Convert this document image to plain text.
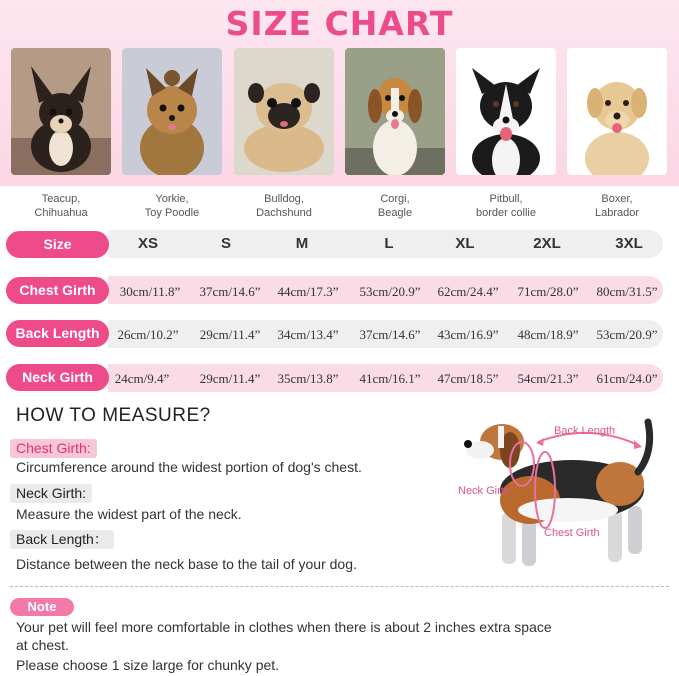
SIZE CHART
Teacup,
Chihuahua
Yorkie,
Toy Poodle
Bulldog,
Dachshund
Corgi,
Beagle
Pitbull,
border collie
Boxer,
Labrador
Size	XS	S	M	L	XL	2XL	3XL
Chest Girth	30cm/11.8”	37cm/14.6”	44cm/17.3”	53cm/20.9”	62cm/24.4”	71cm/28.0”	80cm/31.5”
Back Length	26cm/10.2”	29cm/11.4”	34cm/13.4”	37cm/14.6”	43cm/16.9”	48cm/18.9”	53cm/20.9”
Neck Girth	24cm/9.4”	29cm/11.4”	35cm/13.8”	41cm/16.1”	47cm/18.5”	54cm/21.3”	61cm/24.0”
HOW TO MEASURE?
Chest Girth:
Circumference around the widest portion of dog's chest.
Neck Girth:
Measure the widest part of the neck.
Back Length：
Distance between the neck base to the tail of your dog.
Back Length
Neck Girth
Chest Girth
Note
Your pet will feel more comfortable in clothes when there is about 2 inches extra space
at chest.
Please choose 1 size large for chunky pet.
